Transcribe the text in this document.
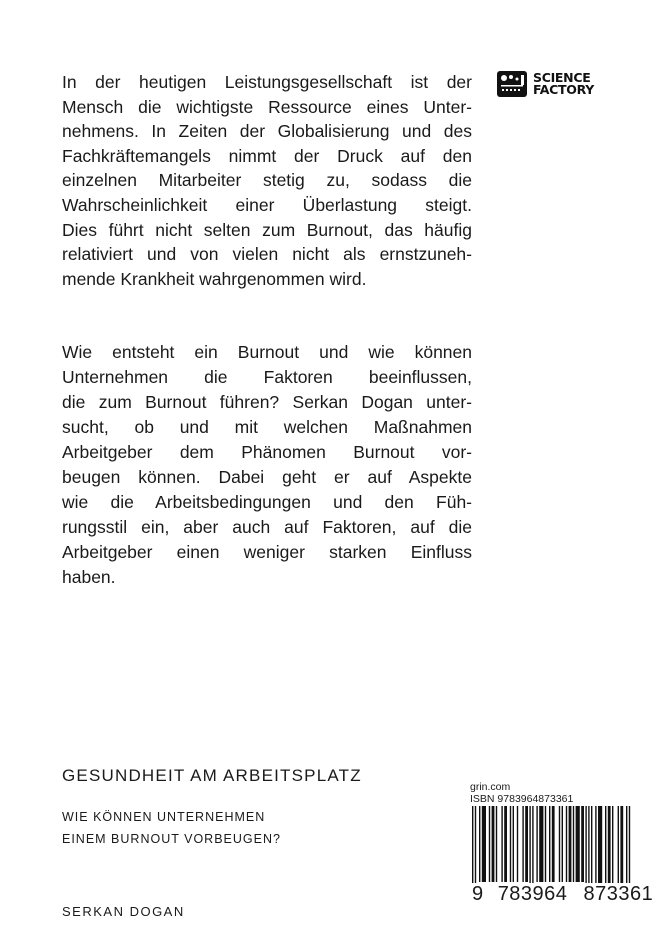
In der heutigen Leistungsgesellschaft ist der
Mensch die wichtigste Ressource eines Unter-
nehmens. In Zeiten der Globalisierung und des
Fachkräftemangels nimmt der Druck auf den
einzelnen Mitarbeiter stetig zu, sodass die
Wahrscheinlichkeit einer Überlastung steigt.
Dies führt nicht selten zum Burnout, das häufig
relativiert und von vielen nicht als ernstzuneh-
mende Krankheit wahrgenommen wird.
Wie entsteht ein Burnout und wie können
Unternehmen die Faktoren beeinflussen,
die zum Burnout führen? Serkan Dogan unter-
sucht, ob und mit welchen Maßnahmen
Arbeitgeber dem Phänomen Burnout vor-
beugen können. Dabei geht er auf Aspekte
wie die Arbeitsbedingungen und den Füh-
rungsstil ein, aber auch auf Faktoren, auf die
Arbeitgeber einen weniger starken Einfluss
haben.
SCIENCE
FACTORY
GESUNDHEIT AM ARBEITSPLATZ
WIE KÖNNEN UNTERNEHMEN
EINEM BURNOUT VORBEUGEN?
SERKAN DOGAN
grin.com
ISBN 9783964873361
9 783964 873361
